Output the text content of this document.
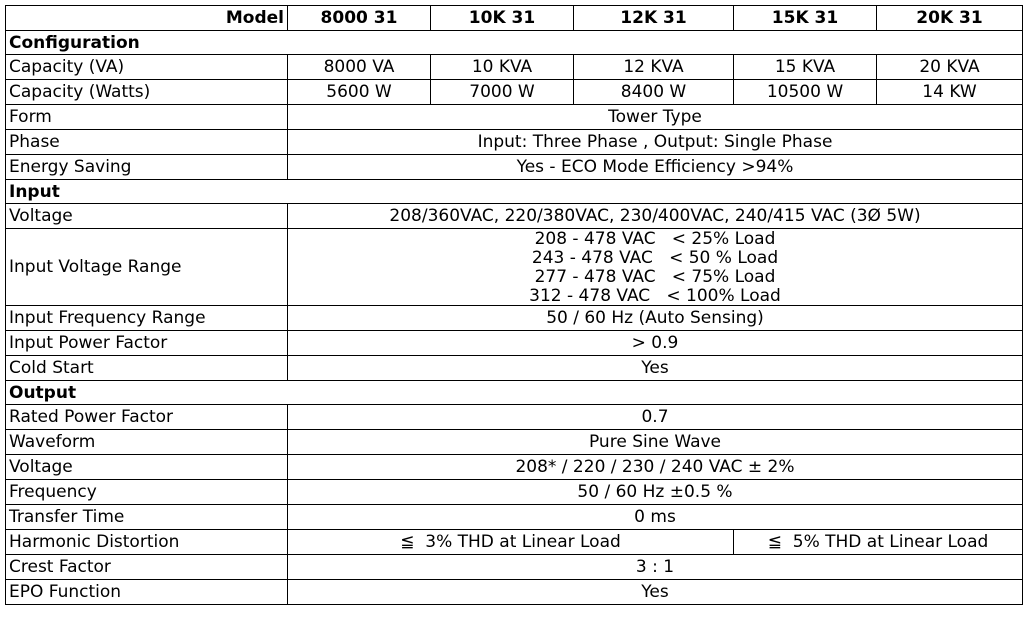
Model	8000 31	10K 31	12K 31	15K 31	20K 31
Configuration					
Capacity (VA)	8000 VA	10 KVA	12 KVA	15 KVA	20 KVA
Capacity (Watts)	5600 W	7000 W	8400 W	10500 W	14 KW
Form	Tower Type				
Phase	Input: Three Phase , Output: Single Phase				
Energy Saving	Yes - ECO Mode Efficiency >94%				
Input					
Voltage	208/360VAC, 220/380VAC, 230/400VAC, 240/415 VAC (3Ø 5W)				
Input Voltage Range	208 - 478 VAC   < 25% Load
243 - 478 VAC   < 50 % Load
277 - 478 VAC   < 75% Load
312 - 478 VAC   < 100% Load				

Input Frequency Range	50 / 60 Hz (Auto Sensing)				
Input Power Factor	> 0.9				
Cold Start	Yes				
Output					
Rated Power Factor	0.7				
Waveform	Pure Sine Wave				
Voltage	208* / 220 / 230 / 240 VAC ± 2%				
Frequency	50 / 60 Hz ±0.5 %				
Transfer Time	0 ms				
Harmonic Distortion	≦  3% THD at Linear Load			≦  5% THD at Linear Load	
Crest Factor	3 : 1				
EPO Function	Yes				
